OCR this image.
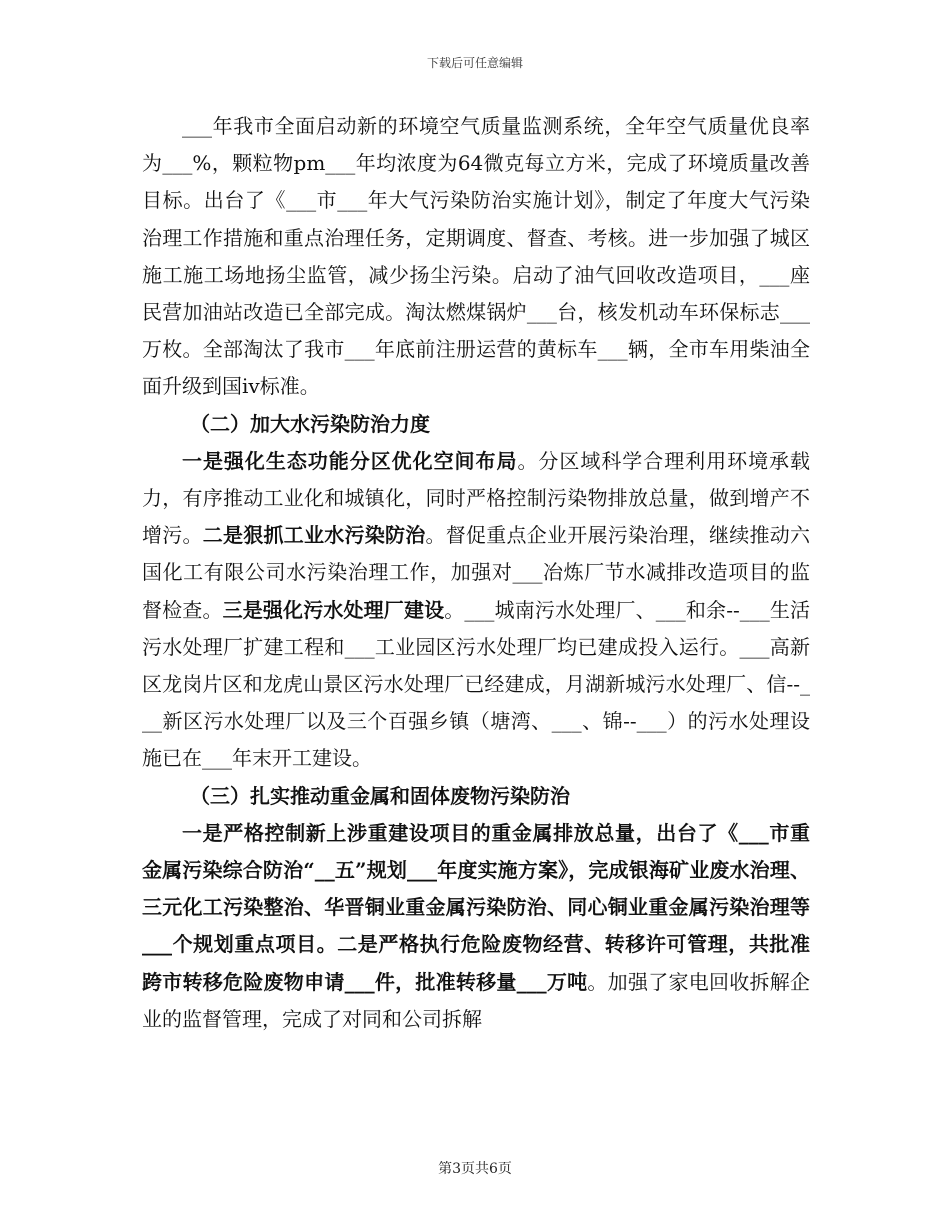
下载后可任意编辑

___年我市全面启动新的环境空气质量监测系统，全年空气质量优良率为___%，颗粒物pm___年均浓度为64微克每立方米，完成了环境质量改善目标。出台了《___市___年大气污染防治实施计划》，制定了年度大气污染治理工作措施和重点治理任务，定期调度、督查、考核。进一步加强了城区施工施工场地扬尘监管，减少扬尘污染。启动了油气回收改造项目，___座民营加油站改造已全部完成。淘汰燃煤锅炉___台，核发机动车环保标志___万枚。全部淘汰了我市___年底前注册运营的黄标车___辆，全市车用柴油全面升级到国iv标准。

（二）加大水污染防治力度

一是强化生态功能分区优化空间布局。分区域科学合理利用环境承载力，有序推动工业化和城镇化，同时严格控制污染物排放总量，做到增产不增污。二是狠抓工业水污染防治。督促重点企业开展污染治理，继续推动六国化工有限公司水污染治理工作，加强对___冶炼厂节水减排改造项目的监督检查。三是强化污水处理厂建设。___城南污水处理厂、___和余--___生活污水处理厂扩建工程和___工业园区污水处理厂均已建成投入运行。___高新区龙岗片区和龙虎山景区污水处理厂已经建成，月湖新城污水处理厂、信--___新区污水处理厂以及三个百强乡镇（塘湾、___、锦--___）的污水处理设施已在___年末开工建设。

（三）扎实推动重金属和固体废物污染防治

一是严格控制新上涉重建设项目的重金属排放总量，出台了《___市重金属污染综合防治“__五”规划___年度实施方案》，完成银海矿业废水治理、三元化工污染整治、华晋铜业重金属污染防治、同心铜业重金属污染治理等___个规划重点项目。二是严格执行危险废物经营、转移许可管理，共批准跨市转移危险废物申请___件，批准转移量___万吨。加强了家电回收拆解企业的监督管理，完成了对同和公司拆解

第3页共6页
